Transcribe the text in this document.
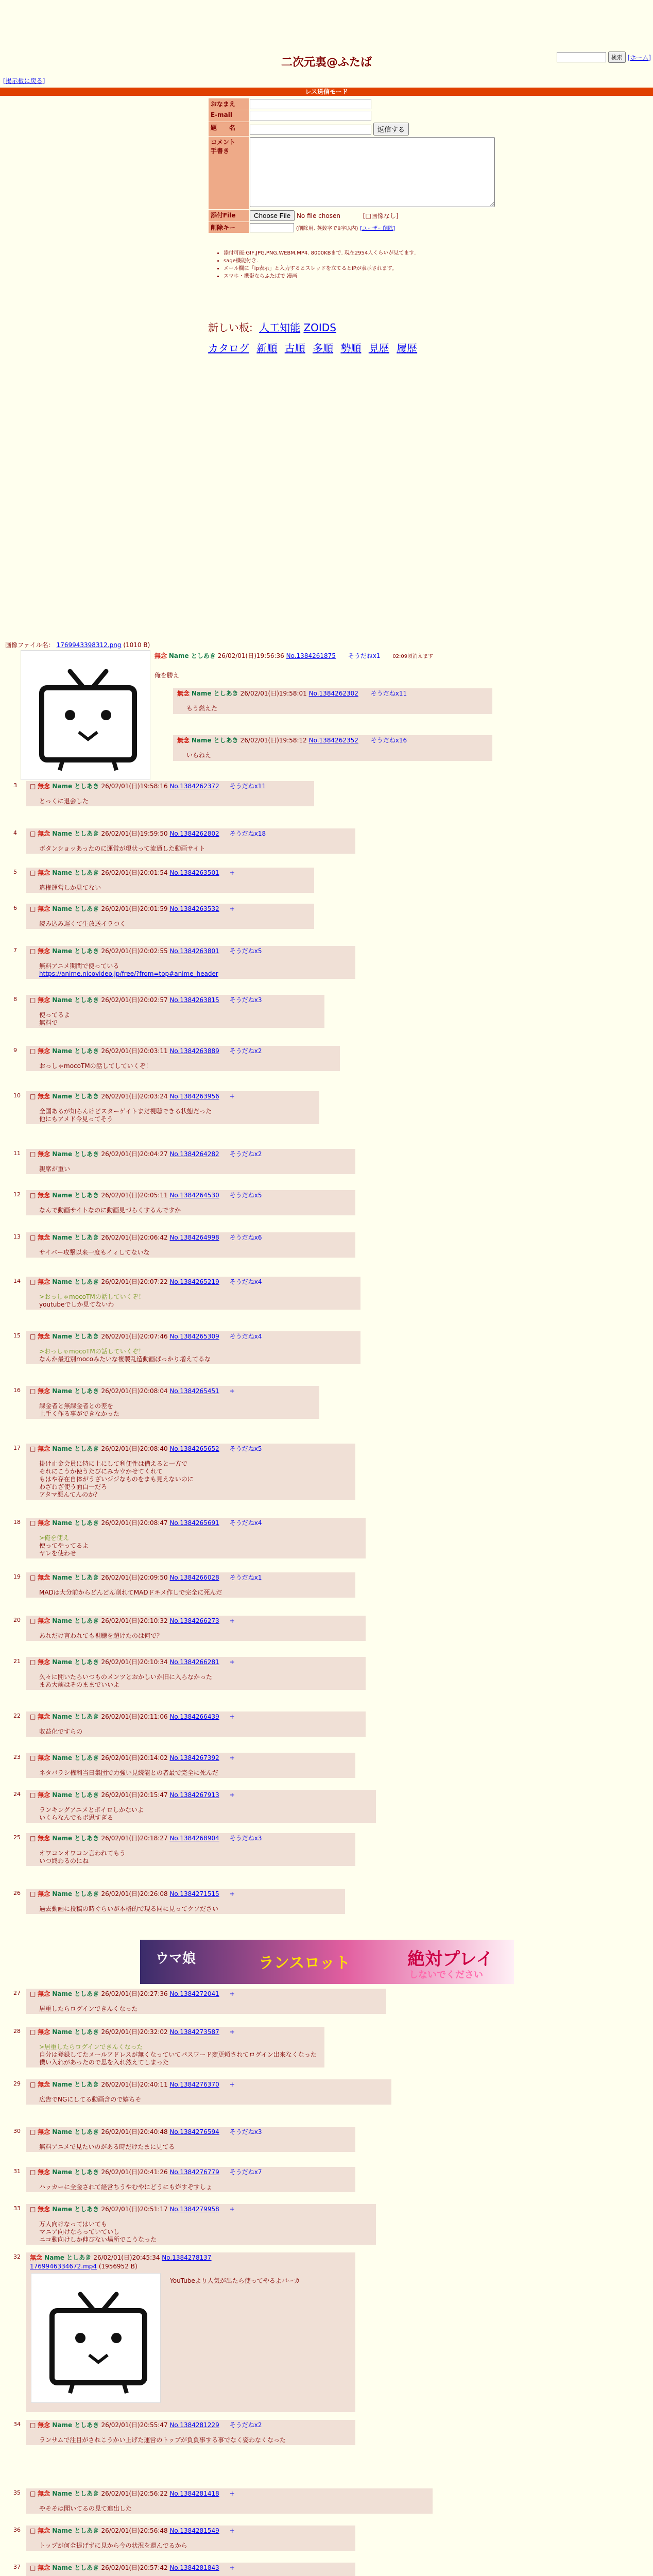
検索 [ホーム]
二次元裏@ふたば
[掲示板に戻る]
レス送信モード
おなまえ	
E-mail	
題　　名	返信する

コメント
手書き

添付File	Choose File No file chosen [□画像なし]
削除キー	(削除用. 英数字で8字以内) [ユーザー削除]
• 添付可能:GIF,JPG,PNG,WEBM,MP4. 8000KBまで. 現在2954人くらいが見てます.
• sage機能付き.
• メール欄に「ip表示」と入力するとスレッドを立てるとIPが表示されます。
• スマホ・携帯ならふたばで 漫画
新しい板: 人工知能 ZOIDS
カタログ 新順 古順 多順 勢順 見歴 履歴
画像ファイル名： 1769943398312.png (1010 B)
無念 Name としあき 26/02/01(日)19:56:36 No.1384261875 そうだねx1 02:09頃消えます
俺を勝え
無念 Name としあき 26/02/01(日)19:58:01 No.1384262302 そうだねx11
もう燃えた
無念 Name としあき 26/02/01(日)19:58:12 No.1384262352 そうだねx16
いらねえ
ウマ娘	ランスロット	絶対プレイ
しないでください
3 □ 無念 Name としあき 26/02/01(日)19:58:16 No.1384262372 そうだねx11
とっくに退会した
4 □ 無念 Name としあき 26/02/01(日)19:59:50 No.1384262802 そうだねx18
ボタンショッあったのに運営が現状って流通した動画サイト
5 □ 無念 Name としあき 26/02/01(日)20:01:54 No.1384263501 +
違権運営しか見てない
6 □ 無念 Name としあき 26/02/01(日)20:01:59 No.1384263532 +
読み込み遅くて生放送イラつく
7 □ 無念 Name としあき 26/02/01(日)20:02:55 No.1384263801 そうだねx5
無料アニメ期間で使っている
https://anime.nicovideo.jp/free/?from=top#anime_header
8 □ 無念 Name としあき 26/02/01(日)20:02:57 No.1384263815 そうだねx3
使ってるよ
無料で
9 □ 無念 Name としあき 26/02/01(日)20:03:11 No.1384263889 そうだねx2
おっしゃmocoTMの話してしていくぞ！
10 □ 無念 Name としあき 26/02/01(日)20:03:24 No.1384263956 +
全国あるが知らんけどスターゲイトまだ視聴できる状態だった
他にもアメド今見ってそう
11 □ 無念 Name としあき 26/02/01(日)20:04:27 No.1384264282 そうだねx2
親席が重い
12 □ 無念 Name としあき 26/02/01(日)20:05:11 No.1384264530 そうだねx5
なんで動画サイトなのに動画見づらくするんですか
13 □ 無念 Name としあき 26/02/01(日)20:06:42 No.1384264998 そうだねx6
サイバー攻撃以来一度もイィしてないな
14 □ 無念 Name としあき 26/02/01(日)20:07:22 No.1384265219 そうだねx4
>おっしゃmocoTMの話していくぞ！
youtubeでしか見てないわ
15 □ 無念 Name としあき 26/02/01(日)20:07:46 No.1384265309 そうだねx4
>おっしゃmocoTMの話していくぞ！
なんか最近別mocoみたいな複製乱造動画ばっかり増えてるな
16 □ 無念 Name としあき 26/02/01(日)20:08:04 No.1384265451 +
課金者と無課金者との差を
上手く作る事ができなかった
17 □ 無念 Name としあき 26/02/01(日)20:08:40 No.1384265652 そうだねx5
掛け止金会員に特に上にして利便性は備えると一方で
それにこうか使うたびにみカウかせてくれて
もはや存在自体がうざいジジなものをまも見えないのに
わざわざ使う面白一だろ
アタマ悪んてんのか？
18 □ 無念 Name としあき 26/02/01(日)20:08:47 No.1384265691 そうだねx4
>俺を使え
使ってやってるよ
ヤレを使わせ
19 □ 無念 Name としあき 26/02/01(日)20:09:50 No.1384266028 そうだねx1
MADは大分前からどんどん削れてMADドキメ作しで完全に死んだ
20 □ 無念 Name としあき 26/02/01(日)20:10:32 No.1384266273 +
あれだけ言われても視聴を超けたのは何で？
21 □ 無念 Name としあき 26/02/01(日)20:10:34 No.1384266281 +
久々に開いたらいつものメンツとおかしいか旧に入らなかった
まあ大前はそのままでいいよ
22 □ 無念 Name としあき 26/02/01(日)20:11:06 No.1384266439 +
収益化ですらの
23 □ 無念 Name としあき 26/02/01(日)20:14:02 No.1384267392 +
ネタバラシ権利当日集団で力強い見続能との者最で完全に死んだ
24 □ 無念 Name としあき 26/02/01(日)20:15:47 No.1384267913 +
ランキングアニメとボイロしかないよ
いくらなんでもボ思すぎる
25 □ 無念 Name としあき 26/02/01(日)20:18:27 No.1384268904 そうだねx3
オワコンオワコン言われてもう
いつ終わるのにね
26 □ 無念 Name としあき 26/02/01(日)20:26:08 No.1384271515 +
過去動画に投稿の時ぐらいが本格的で現る同に見ってクソださい
27 □ 無念 Name としあき 26/02/01(日)20:27:36 No.1384272041 +
居重したらログインできんくなった
28 □ 無念 Name としあき 26/02/01(日)20:32:02 No.1384273587 +
>居重したらログインできんくなった
自分は登録してたメールアドレスが無くなっていてパスワード変更頼されてログイン出来なくなった
僕い入れがあったので思を入れ然えてしまった
29 □ 無念 Name としあき 26/02/01(日)20:40:11 No.1384276370 +
広告でNGにしてる動画含ので嬉ちそ
30 □ 無念 Name としあき 26/02/01(日)20:40:48 No.1384276594 そうだねx3
無料アニメで見たいのがある時だけたまに見てる
31 □ 無念 Name としあき 26/02/01(日)20:41:26 No.1384276779 そうだねx7
ハッカーに全金されて経営ちうやむやにどうにも炸すぞすしょ
33 □ 無念 Name としあき 26/02/01(日)20:51:17 No.1384279958 +
万人向けなってはいても
マニア向けならっていていし
ニコ動向けしか伸びない場所でこうなった
34 □ 無念 Name としあき 26/02/01(日)20:55:47 No.1384281229 そうだねx2
ランサムで注目がされこうかい上げた運営のトップが負負事する事でなく姿わなくなった
35 □ 無念 Name としあき 26/02/01(日)20:56:22 No.1384281418 +
やそそは聞いてるの見て進出した
36 □ 無念 Name としあき 26/02/01(日)20:56:48 No.1384281549 +
トップが何全提げずに見から今の状況を還んでるから
37 □ 無念 Name としあき 26/02/01(日)20:57:42 No.1384281843 +
32 無念 Name としあき 26/02/01(日)20:45:34 No.1384278137
1769946334672.mp4 (1956952 B)
YouTubeより人気が出たら使ってやるよバーカ
